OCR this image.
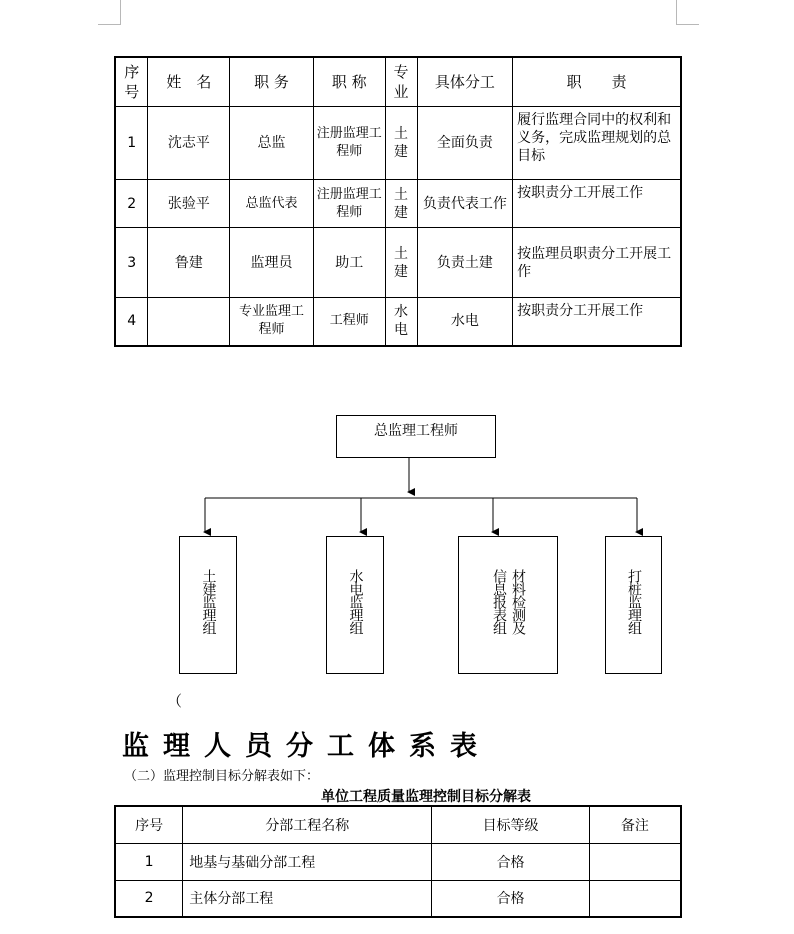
序号	姓　名	职 务	职 称	专业	具体分工	职　　责
1	沈志平	总监	注册监理工程师	土建	全面负责	履行监理合同中的权利和义务，完成监理规划的总目标
2	张验平	总监代表	注册监理工程师	土建	负责代表工作	按职责分工开展工作
3	鲁建	监理员	助工	土建	负责土建	按监理员职责分工开展工作
4		专业监理工程师	工程师	水电	水电	按职责分工开展工作
总监理工程师
土建监理组	水电监理组	信息报表组 材料检测及	打桩监理组
（
监理人员分工体系表
（二）监理控制目标分解表如下：
单位工程质量监理控制目标分解表
序号	分部工程名称	目标等级	备注
1	地基与基础分部工程	合格	
2	主体分部工程	合格	
